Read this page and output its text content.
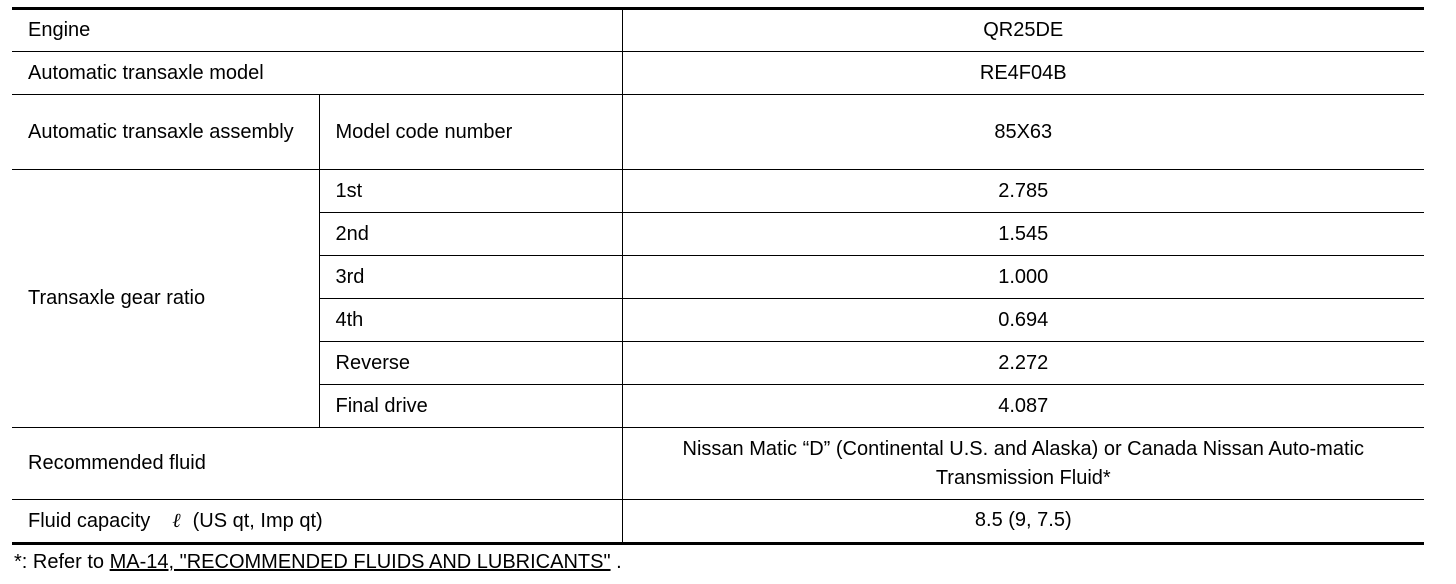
Engine		QR25DE
Automatic transaxle model		RE4F04B
Automatic transaxle assembly	Model code number	85X63
Transaxle gear ratio	1st	2.785
	2nd	1.545
	3rd	1.000
	4th	0.694
	Reverse	2.272
	Final drive	4.087
Recommended fluid		Nissan Matic “D” (Continental U.S. and Alaska) or Canada Nissan Auto-matic Transmission Fluid*
Fluid capacity ℓ (US qt, Imp qt)		8.5 (9, 7.5)
*: Refer to MA-14, "RECOMMENDED FLUIDS AND LUBRICANTS" .
